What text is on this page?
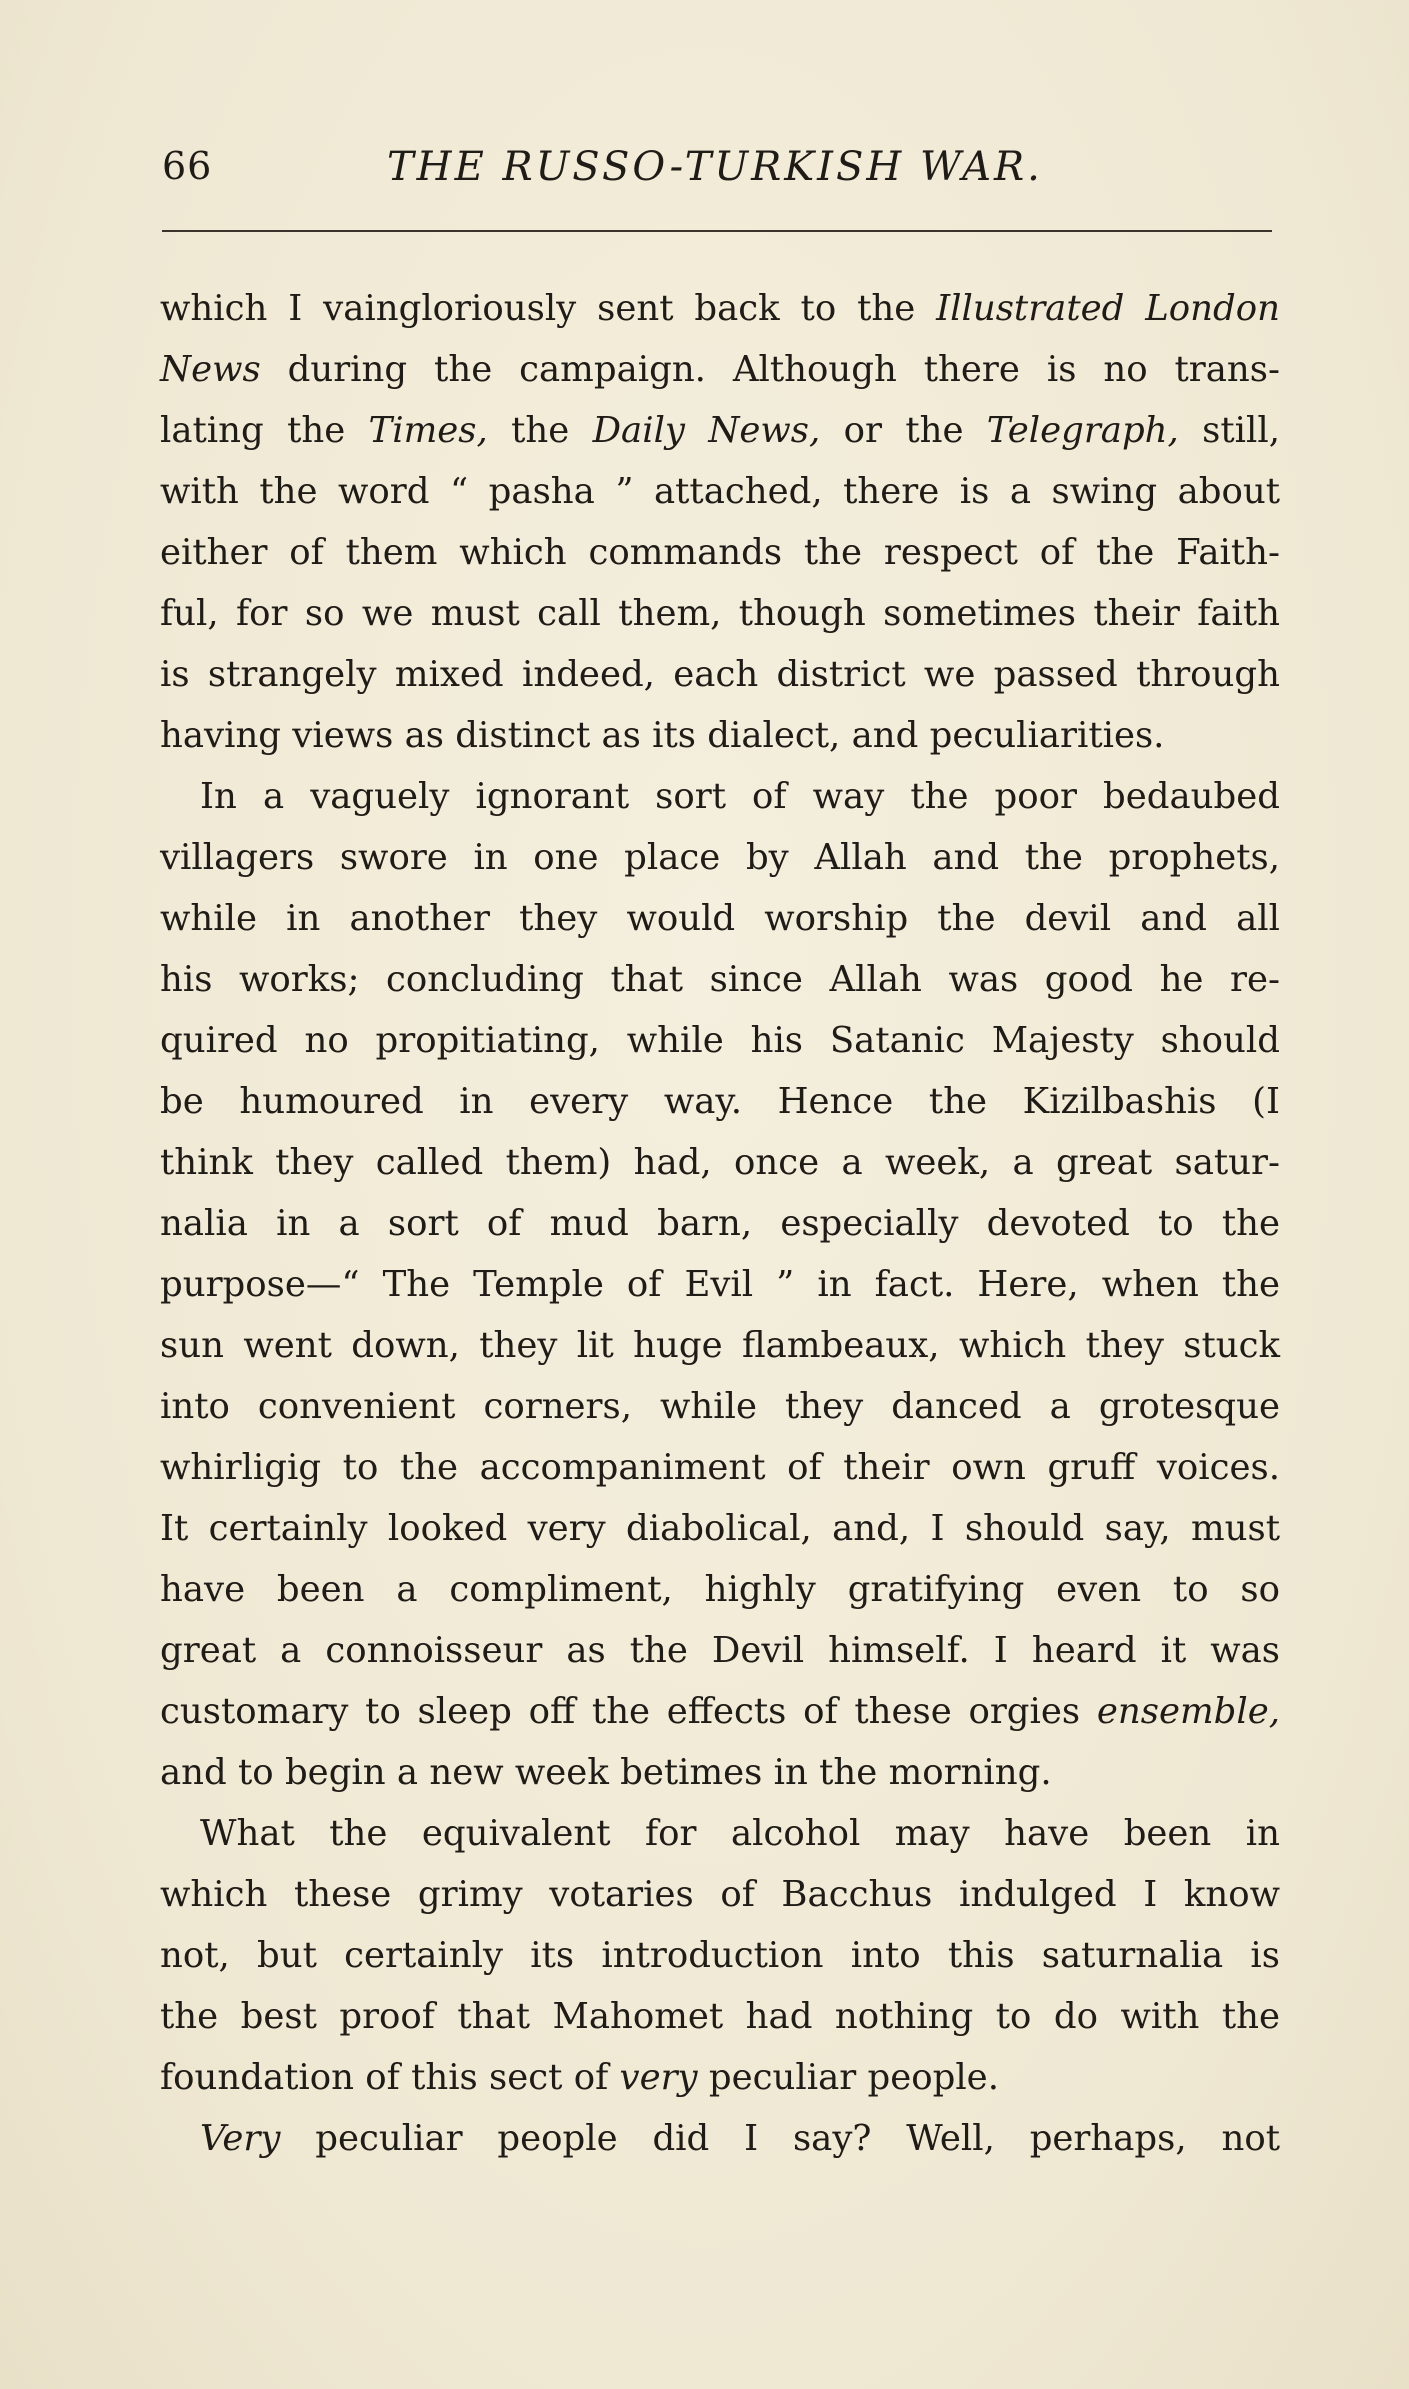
66	THE RUSSO-TURKISH WAR.
which I vaingloriously sent back to the Illustrated London
News during the campaign. Although there is no trans-
lating the Times, the Daily News, or the Telegraph, still,
with the word “ pasha ” attached, there is a swing about
either of them which commands the respect of the Faith-
ful, for so we must call them, though sometimes their faith
is strangely mixed indeed, each district we passed through
having views as distinct as its dialect, and peculiarities.
In a vaguely ignorant sort of way the poor bedaubed
villagers swore in one place by Allah and the prophets,
while in another they would worship the devil and all
his works; concluding that since Allah was good he re-
quired no propitiating, while his Satanic Majesty should
be humoured in every way. Hence the Kizilbashis (I
think they called them) had, once a week, a great satur-
nalia in a sort of mud barn, especially devoted to the
purpose—“ The Temple of Evil ” in fact. Here, when the
sun went down, they lit huge flambeaux, which they stuck
into convenient corners, while they danced a grotesque
whirligig to the accompaniment of their own gruff voices.
It certainly looked very diabolical, and, I should say, must
have been a compliment, highly gratifying even to so
great a connoisseur as the Devil himself. I heard it was
customary to sleep off the effects of these orgies ensemble,
and to begin a new week betimes in the morning.
What the equivalent for alcohol may have been in
which these grimy votaries of Bacchus indulged I know
not, but certainly its introduction into this saturnalia is
the best proof that Mahomet had nothing to do with the
foundation of this sect of very peculiar people.
Very peculiar people did I say? Well, perhaps, not
